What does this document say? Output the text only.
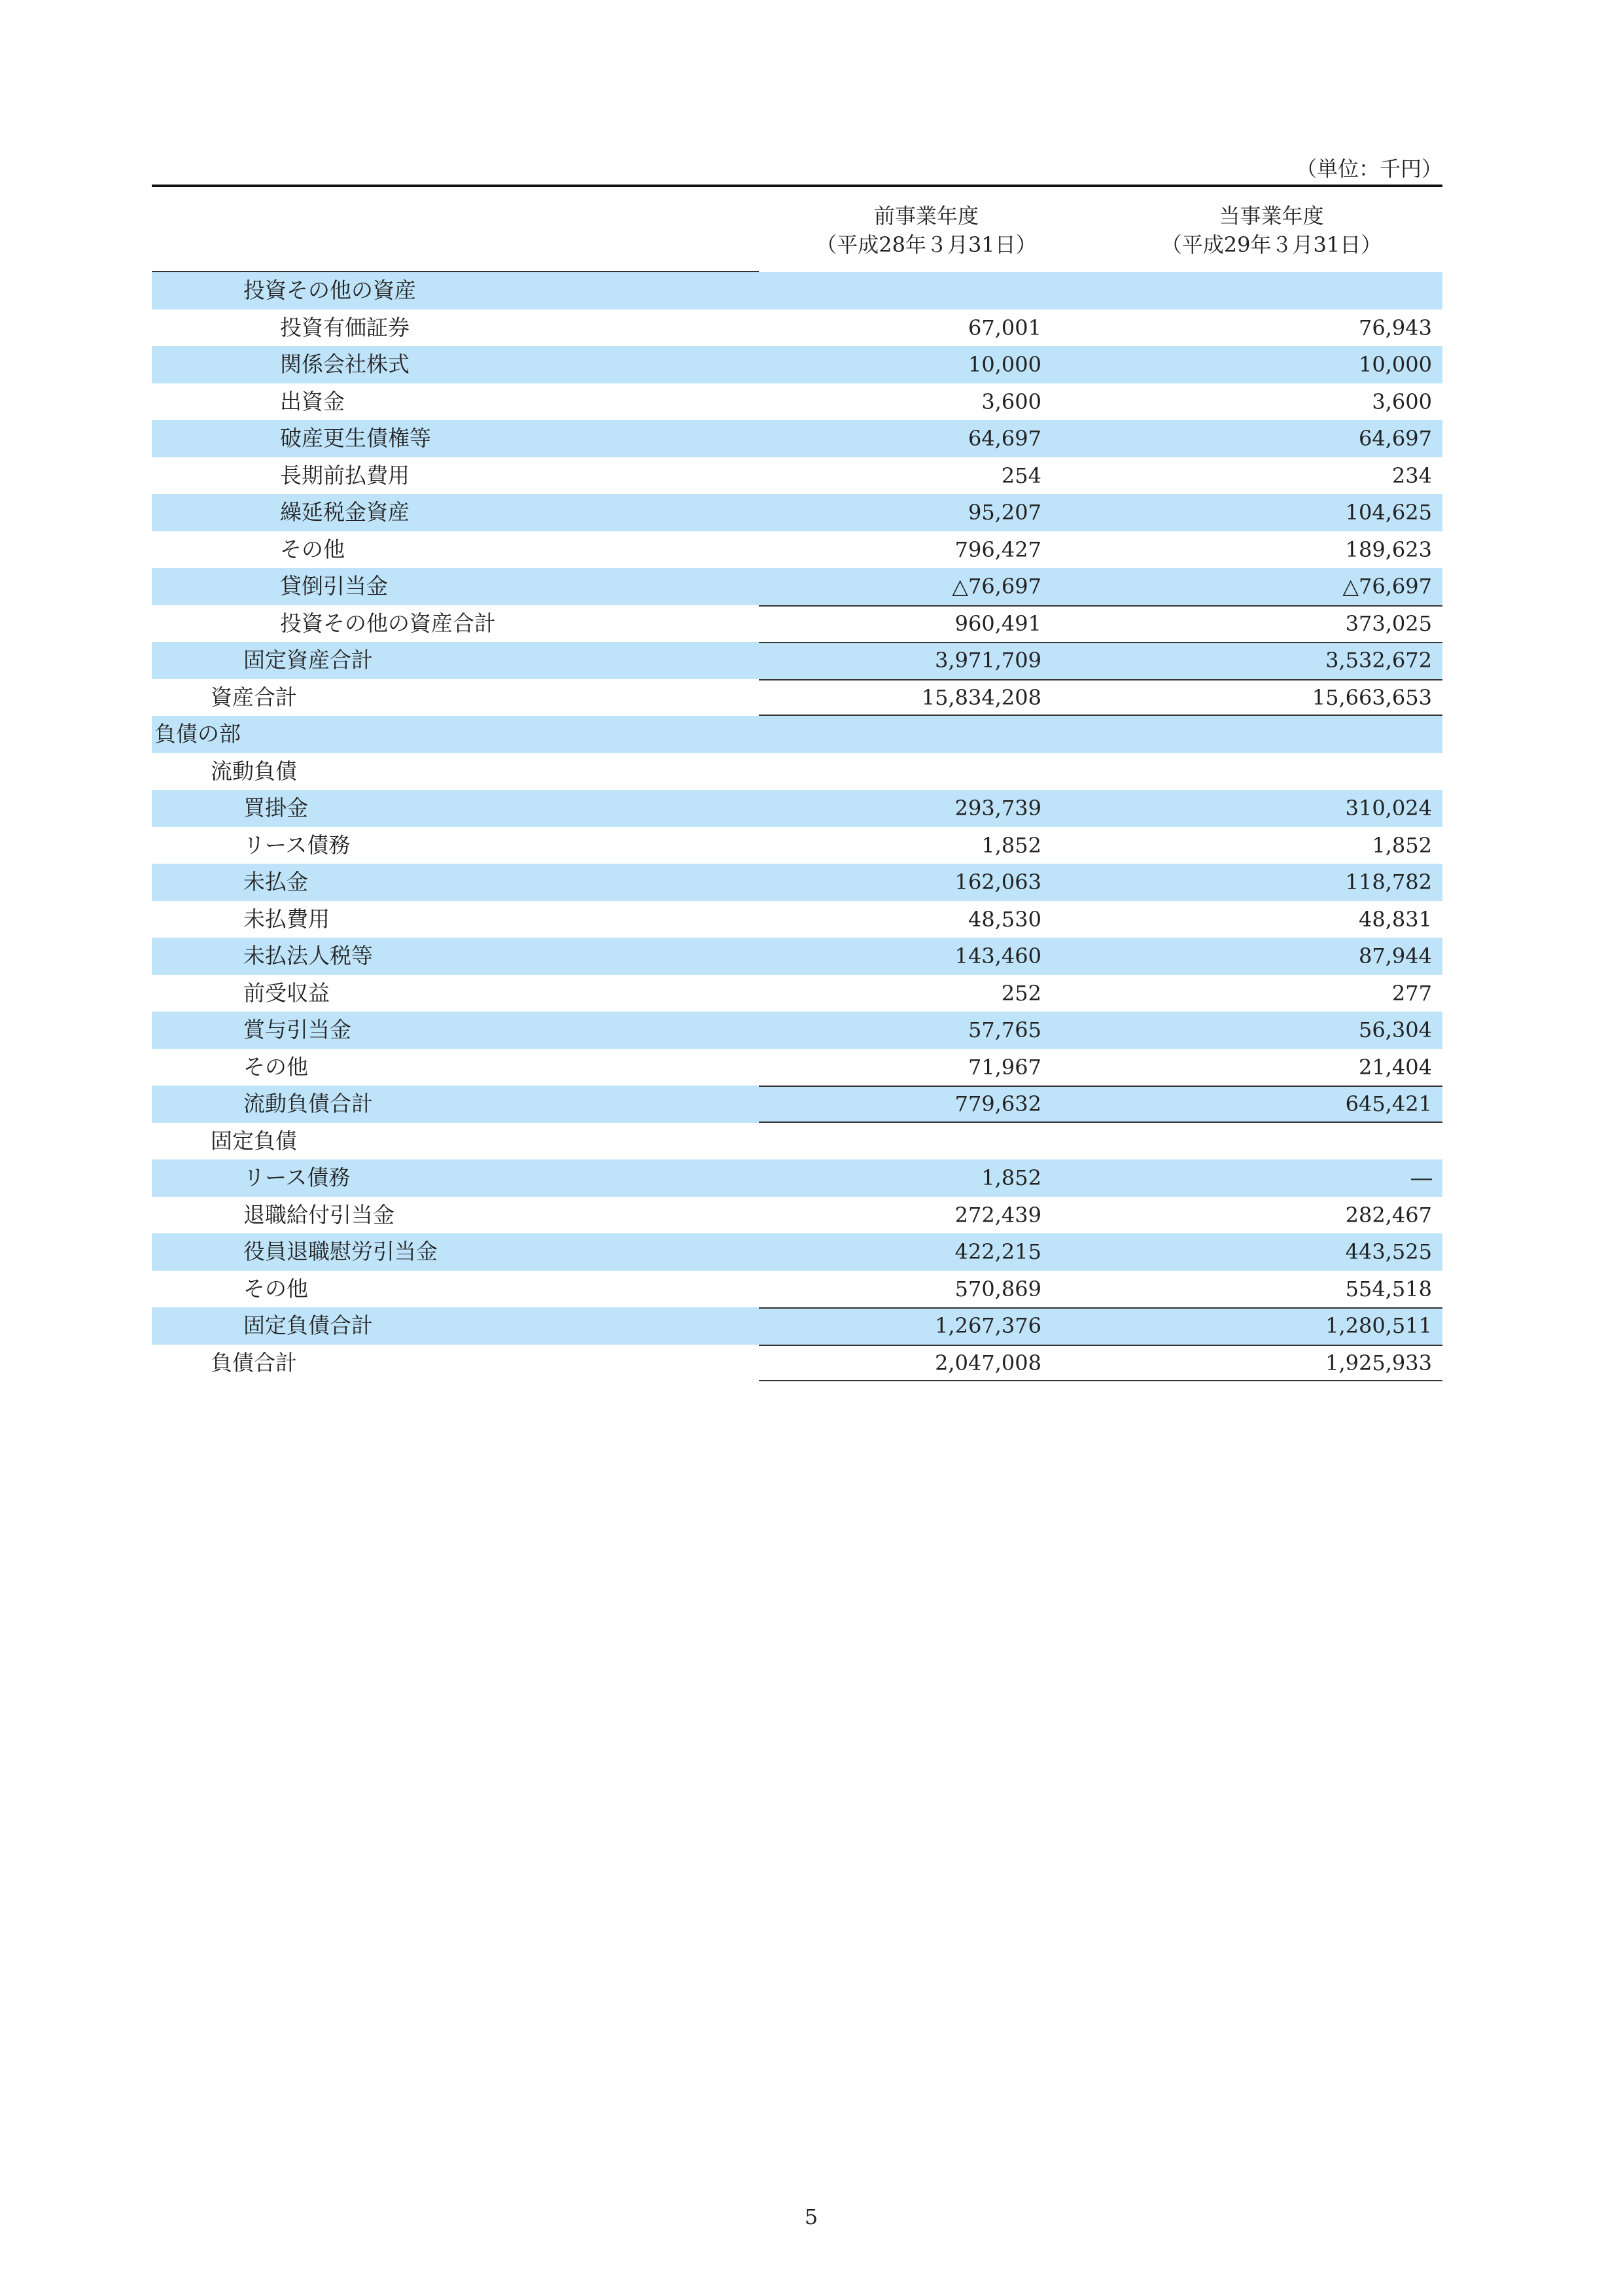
（単位：千円）
前事業年度
（平成28年３月31日）
当事業年度
（平成29年３月31日）
投資その他の資産
投資有価証券	67,001	76,943
関係会社株式	10,000	10,000
出資金	3,600	3,600
破産更生債権等	64,697	64,697
長期前払費用	254	234
繰延税金資産	95,207	104,625
その他	796,427	189,623
貸倒引当金	△76,697	△76,697
投資その他の資産合計	960,491	373,025
固定資産合計	3,971,709	3,532,672
資産合計	15,834,208	15,663,653
負債の部
流動負債
買掛金	293,739	310,024
リース債務	1,852	1,852
未払金	162,063	118,782
未払費用	48,530	48,831
未払法人税等	143,460	87,944
前受収益	252	277
賞与引当金	57,765	56,304
その他	71,967	21,404
流動負債合計	779,632	645,421
固定負債
リース債務	1,852	―
退職給付引当金	272,439	282,467
役員退職慰労引当金	422,215	443,525
その他	570,869	554,518
固定負債合計	1,267,376	1,280,511
負債合計	2,047,008	1,925,933
5
